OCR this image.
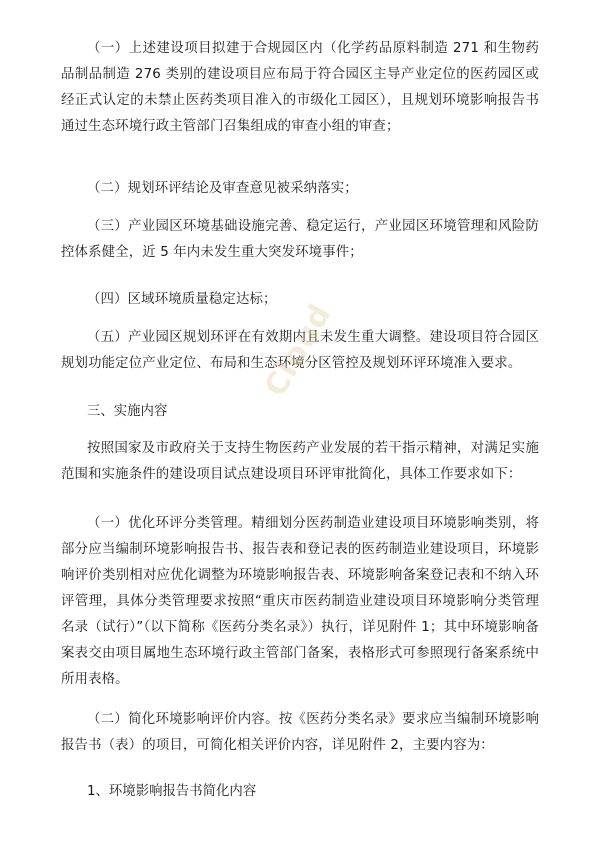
（一）上述建设项目拟建于合规园区内（化学药品原料制造 271 和生物药品制品制造 276 类别的建设项目应布局于符合园区主导产业定位的医药园区或经正式认定的未禁止医药类项目准入的市级化工园区），且规划环境影响报告书通过生态环境行政主管部门召集组成的审查小组的审查；

（二）规划环评结论及审查意见被采纳落实；

（三）产业园区环境基础设施完善、稳定运行，产业园区环境管理和风险防控体系健全，近 5 年内未发生重大突发环境事件；

（四）区域环境质量稳定达标；

（五）产业园区规划环评在有效期内且未发生重大调整。建设项目符合园区规划功能定位产业定位、布局和生态环境分区管控及规划环评环境准入要求。

三、实施内容

按照国家及市政府关于支持生物医药产业发展的若干指示精神，对满足实施范围和实施条件的建设项目试点建设项目环评审批简化，具体工作要求如下：

（一）优化环评分类管理。精细划分医药制造业建设项目环境影响类别，将部分应当编制环境影响报告书、报告表和登记表的医药制造业建设项目，环境影响评价类别相对应优化调整为环境影响报告表、环境影响备案登记表和不纳入环评管理，具体分类管理要求按照“重庆市医药制造业建设项目环境影响分类管理名录（试行）”（以下简称《医药分类名录》）执行，详见附件 1；其中环境影响备案表交由项目属地生态环境行政主管部门备案，表格形式可参照现行备案系统中所用表格。

（二）简化环境影响评价内容。按《医药分类名录》要求应当编制环境影响报告书（表）的项目，可简化相关评价内容，详见附件 2，主要内容为：

1、环境影响报告书简化内容

Cloud
